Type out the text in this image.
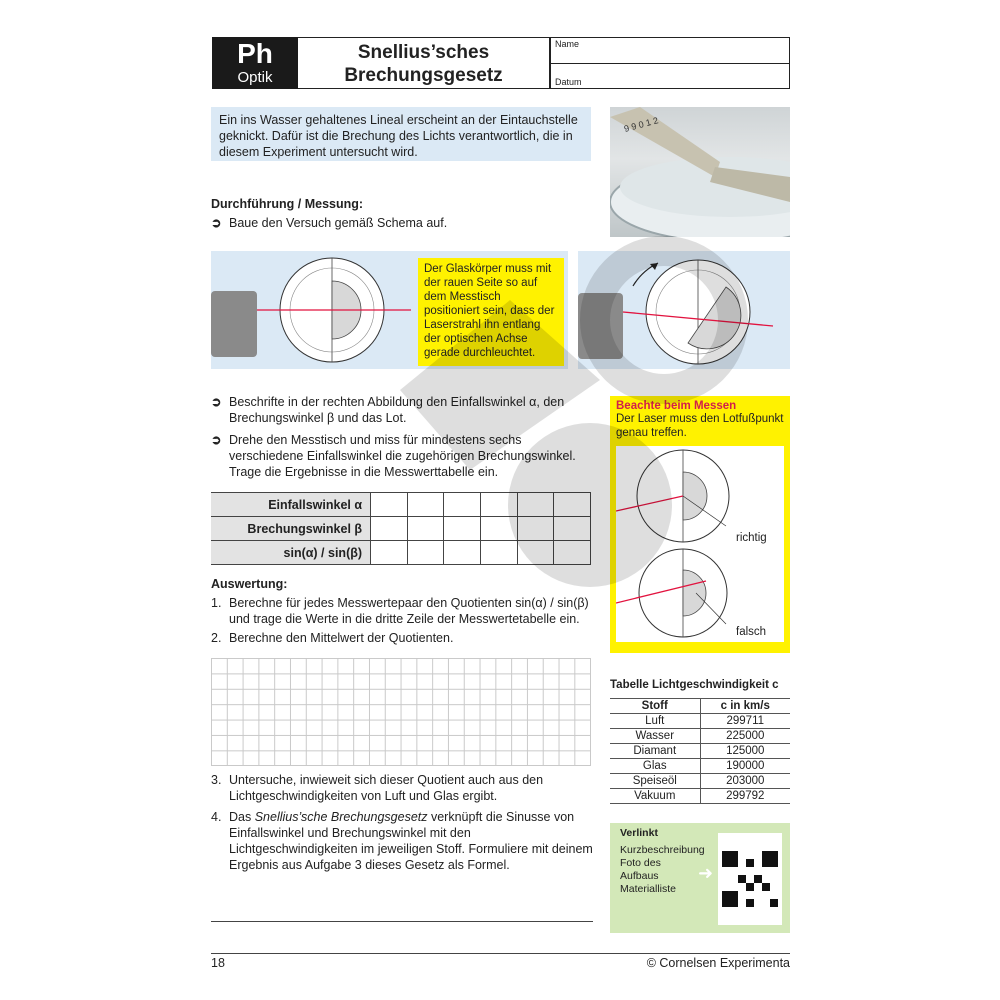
Ph
Optik
Snellius’sches
Brechungsgesetz
Name
Datum
Ein ins Wasser gehaltenes Lineal erscheint an der Eintauchstelle geknickt. Dafür ist die Brechung des Lichts verantwortlich, die in diesem Experiment untersucht wird.
9 9 0 1 2
Durchführung / Messung:
➲ Baue den Versuch gemäß Schema auf.
Der Glaskörper muss mit der rauen Seite so auf dem Messtisch positioniert sein, dass der Laserstrahl ihn entlang der optischen Achse gerade durchleuchtet.
➲ Beschrifte in der rechten Abbildung den Einfallswinkel α, den Brechungswinkel β und das Lot.
➲ Drehe den Messtisch und miss für mindestens sechs verschiedene Einfallswinkel die zugehörigen Brechungswinkel. Trage die Ergebnisse in die Messwerttabelle ein.
Einfallswinkel α						
Brechungswinkel β						
sin(α) / sin(β)						
Auswertung:
1. Berechne für jedes Messwertepaar den Quotienten sin(α) / sin(β) und trage die Werte in die dritte Zeile der Messwertetabelle ein.
2. Berechne den Mittelwert der Quotienten.
3. Untersuche, inwieweit sich dieser Quotient auch aus den Lichtgeschwindigkeiten von Luft und Glas ergibt.
4. Das Snellius’sche Brechungsgesetz verknüpft die Sinusse von Einfallswinkel und Brechungswinkel mit den Lichtgeschwindigkeiten im jeweiligen Stoff. Formuliere mit deinem Ergebnis aus Aufgabe 3 dieses Gesetz als Formel.
Beachte beim Messen
Der Laser muss den Lotfußpunkt genau treffen.
richtig
falsch
Tabelle Lichtgeschwindigkeit c
Stoff	c in km/s
Luft	299711
Wasser	225000
Diamant	125000
Glas	190000
Speiseöl	203000
Vakuum	299792
Verlinkt
Kurzbeschreibung
Foto des Aufbaus
Materialliste
➜
18	© Cornelsen Experimenta
